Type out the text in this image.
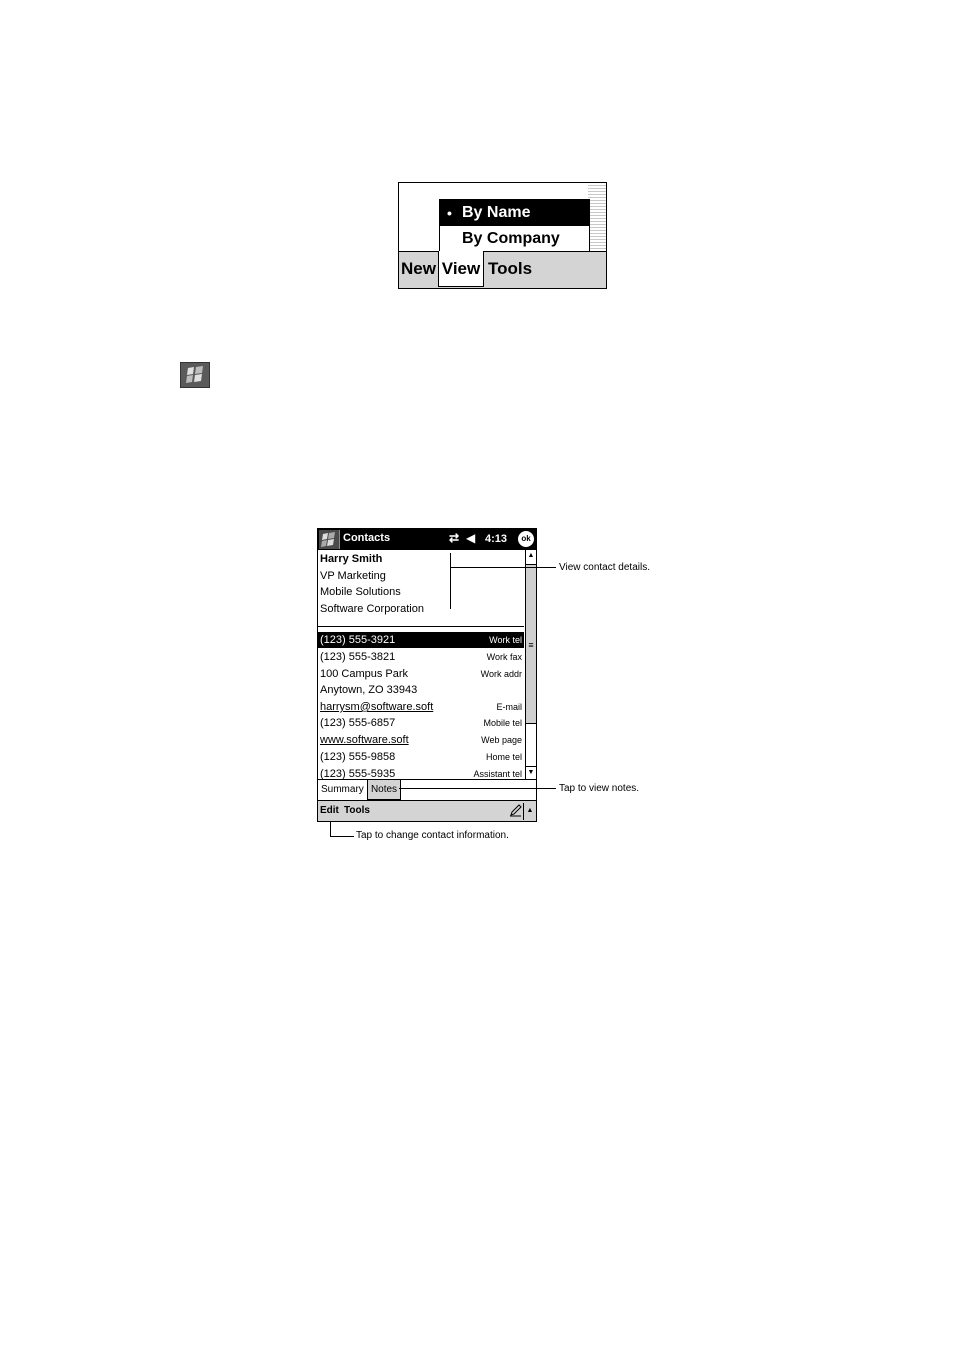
• By Name
By Company
New View Tools
Contacts	⇄ ◀ 4:13	ok
Harry Smith
VP Marketing
Mobile Solutions
Software Corporation
(123) 555-3921	Work tel
(123) 555-3821	Work fax
100 Campus Park	Work addr
Anytown, ZO 33943
harrysm@software.soft	E-mail
(123) 555-6857	Mobile tel
www.software.soft	Web page
(123) 555-9858	Home tel
(123) 555-5935	Assistant tel
▲
≡
▼
Summary Notes
Edit Tools	▲
View contact details.
Tap to view notes.
Tap to change contact information.
